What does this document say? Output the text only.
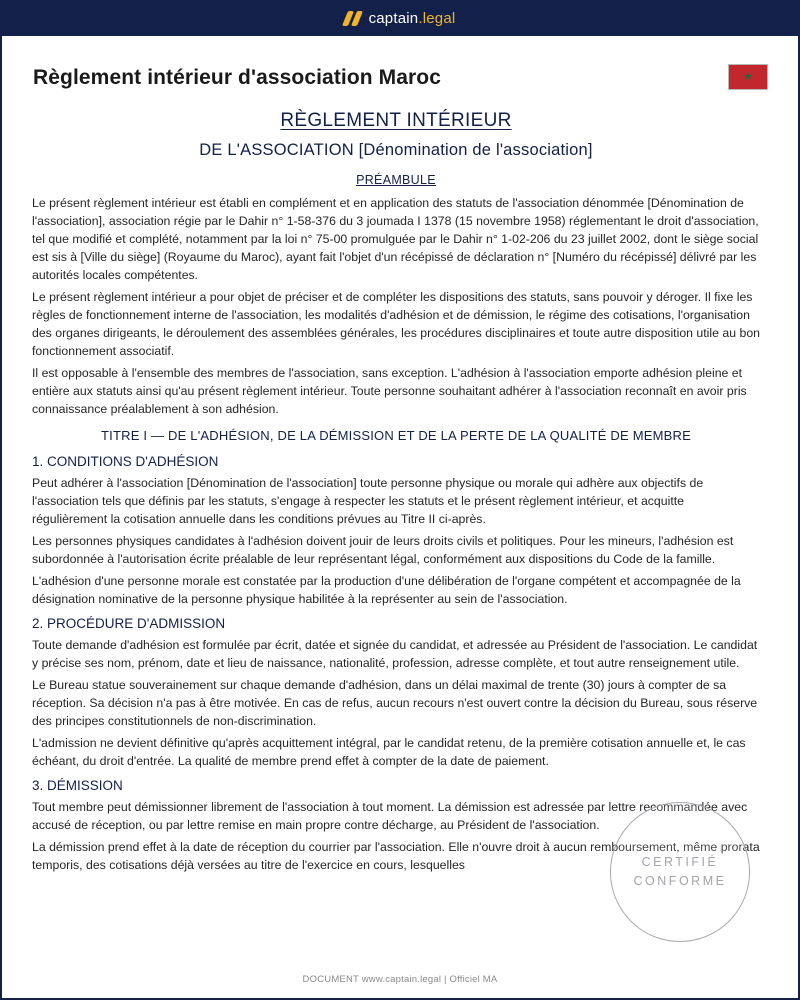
captain.legal
Règlement intérieur d'association Maroc	★
RÈGLEMENT INTÉRIEUR
DE L'ASSOCIATION [Dénomination de l'association]
PRÉAMBULE

Le présent règlement intérieur est établi en complément et en application des statuts de l'association dénommée [Dénomination de l'association], association régie par le Dahir n° 1-58-376 du 3 joumada I 1378 (15 novembre 1958) réglementant le droit d'association, tel que modifié et complété, notamment par la loi n° 75-00 promulguée par le Dahir n° 1-02-206 du 23 juillet 2002, dont le siège social est sis à [Ville du siège] (Royaume du Maroc), ayant fait l'objet d'un récépissé de déclaration n° [Numéro du récépissé] délivré par les autorités locales compétentes.

Le présent règlement intérieur a pour objet de préciser et de compléter les dispositions des statuts, sans pouvoir y déroger. Il fixe les règles de fonctionnement interne de l'association, les modalités d'adhésion et de démission, le régime des cotisations, l'organisation des organes dirigeants, le déroulement des assemblées générales, les procédures disciplinaires et toute autre disposition utile au bon fonctionnement associatif.

Il est opposable à l'ensemble des membres de l'association, sans exception. L'adhésion à l'association emporte adhésion pleine et entière aux statuts ainsi qu'au présent règlement intérieur. Toute personne souhaitant adhérer à l'association reconnaît en avoir pris connaissance préalablement à son adhésion.

TITRE I — DE L'ADHÉSION, DE LA DÉMISSION ET DE LA PERTE DE LA QUALITÉ DE MEMBRE
1. CONDITIONS D'ADHÉSION

Peut adhérer à l'association [Dénomination de l'association] toute personne physique ou morale qui adhère aux objectifs de l'association tels que définis par les statuts, s'engage à respecter les statuts et le présent règlement intérieur, et acquitte régulièrement la cotisation annuelle dans les conditions prévues au Titre II ci-après.

Les personnes physiques candidates à l'adhésion doivent jouir de leurs droits civils et politiques. Pour les mineurs, l'adhésion est subordonnée à l'autorisation écrite préalable de leur représentant légal, conformément aux dispositions du Code de la famille.

L'adhésion d'une personne morale est constatée par la production d'une délibération de l'organe compétent et accompagnée de la désignation nominative de la personne physique habilitée à la représenter au sein de l'association.

2. PROCÉDURE D'ADMISSION

Toute demande d'adhésion est formulée par écrit, datée et signée du candidat, et adressée au Président de l'association. Le candidat y précise ses nom, prénom, date et lieu de naissance, nationalité, profession, adresse complète, et tout autre renseignement utile.

Le Bureau statue souverainement sur chaque demande d'adhésion, dans un délai maximal de trente (30) jours à compter de sa réception. Sa décision n'a pas à être motivée. En cas de refus, aucun recours n'est ouvert contre la décision du Bureau, sous réserve des principes constitutionnels de non-discrimination.

L'admission ne devient définitive qu'après acquittement intégral, par le candidat retenu, de la première cotisation annuelle et, le cas échéant, du droit d'entrée. La qualité de membre prend effet à compter de la date de paiement.

3. DÉMISSION

Tout membre peut démissionner librement de l'association à tout moment. La démission est adressée par lettre recommandée avec accusé de réception, ou par lettre remise en main propre contre décharge, au Président de l'association.

La démission prend effet à la date de réception du courrier par l'association. Elle n'ouvre droit à aucun remboursement, même prorata temporis, des cotisations déjà versées au titre de l'exercice en cours, lesquelles	CERTIFIÉ
CONFORME
DOCUMENT www.captain.legal | Officiel MA
